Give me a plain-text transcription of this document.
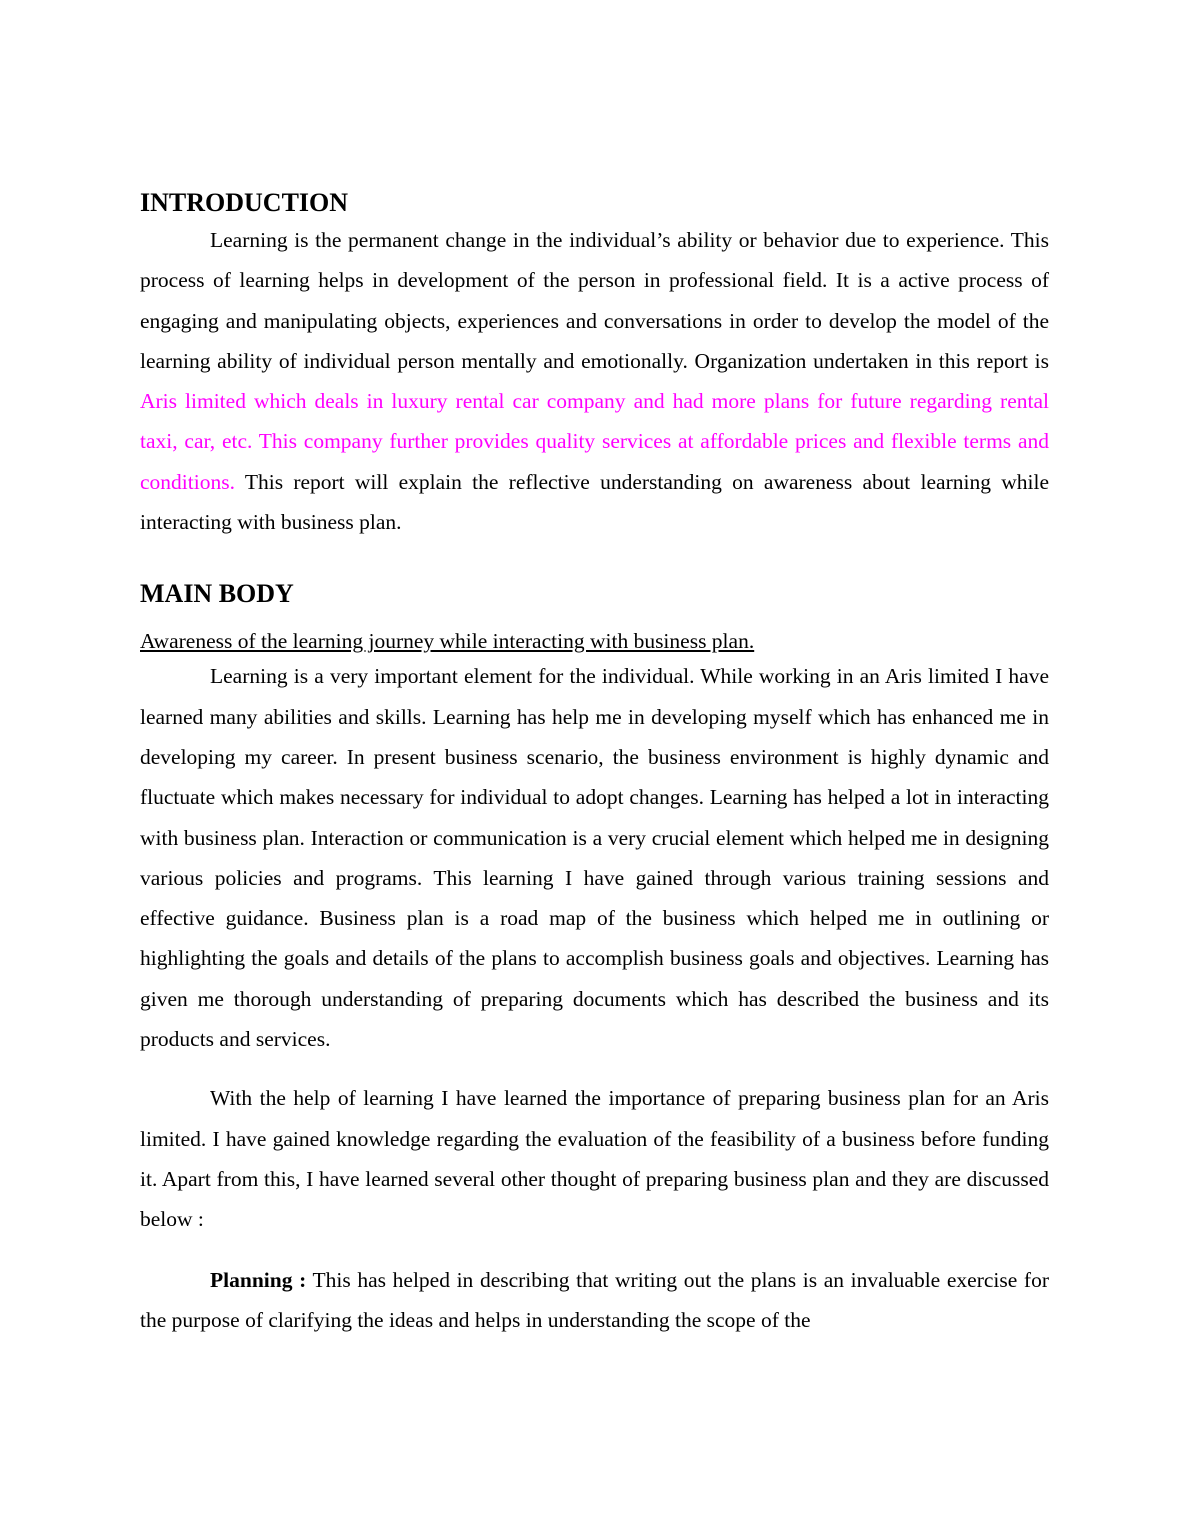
INTRODUCTION

Learning is the permanent change in the individual’s ability or behavior due to experience. This process of learning helps in development of the person in professional field. It is a active process of engaging and manipulating objects, experiences and conversations in order to develop the model of the learning ability of individual person mentally and emotionally. Organization undertaken in this report is Aris limited which deals in luxury rental car company and had more plans for future regarding rental taxi, car, etc. This company further provides quality services at affordable prices and flexible terms and conditions. This report will explain the reflective understanding on awareness about learning while interacting with business plan.

MAIN BODY

Awareness of the learning journey while interacting with business plan.

Learning is a very important element for the individual. While working in an Aris limited I have learned many abilities and skills. Learning has help me in developing myself which has enhanced me in developing my career. In present business scenario, the business environment is highly dynamic and fluctuate which makes necessary for individual to adopt changes. Learning has helped a lot in interacting with business plan. Interaction or communication is a very crucial element which helped me in designing various policies and programs. This learning I have gained through various training sessions and effective guidance. Business plan is a road map of the business which helped me in outlining or highlighting the goals and details of the plans to accomplish business goals and objectives. Learning has given me thorough understanding of preparing documents which has described the business and its products and services.

With the help of learning I have learned the importance of preparing business plan for an Aris limited. I have gained knowledge regarding the evaluation of the feasibility of a business before funding it. Apart from this, I have learned several other thought of preparing business plan and they are discussed below :

Planning : This has helped in describing that writing out the plans is an invaluable exercise for the purpose of clarifying the ideas and helps in understanding the scope of the
